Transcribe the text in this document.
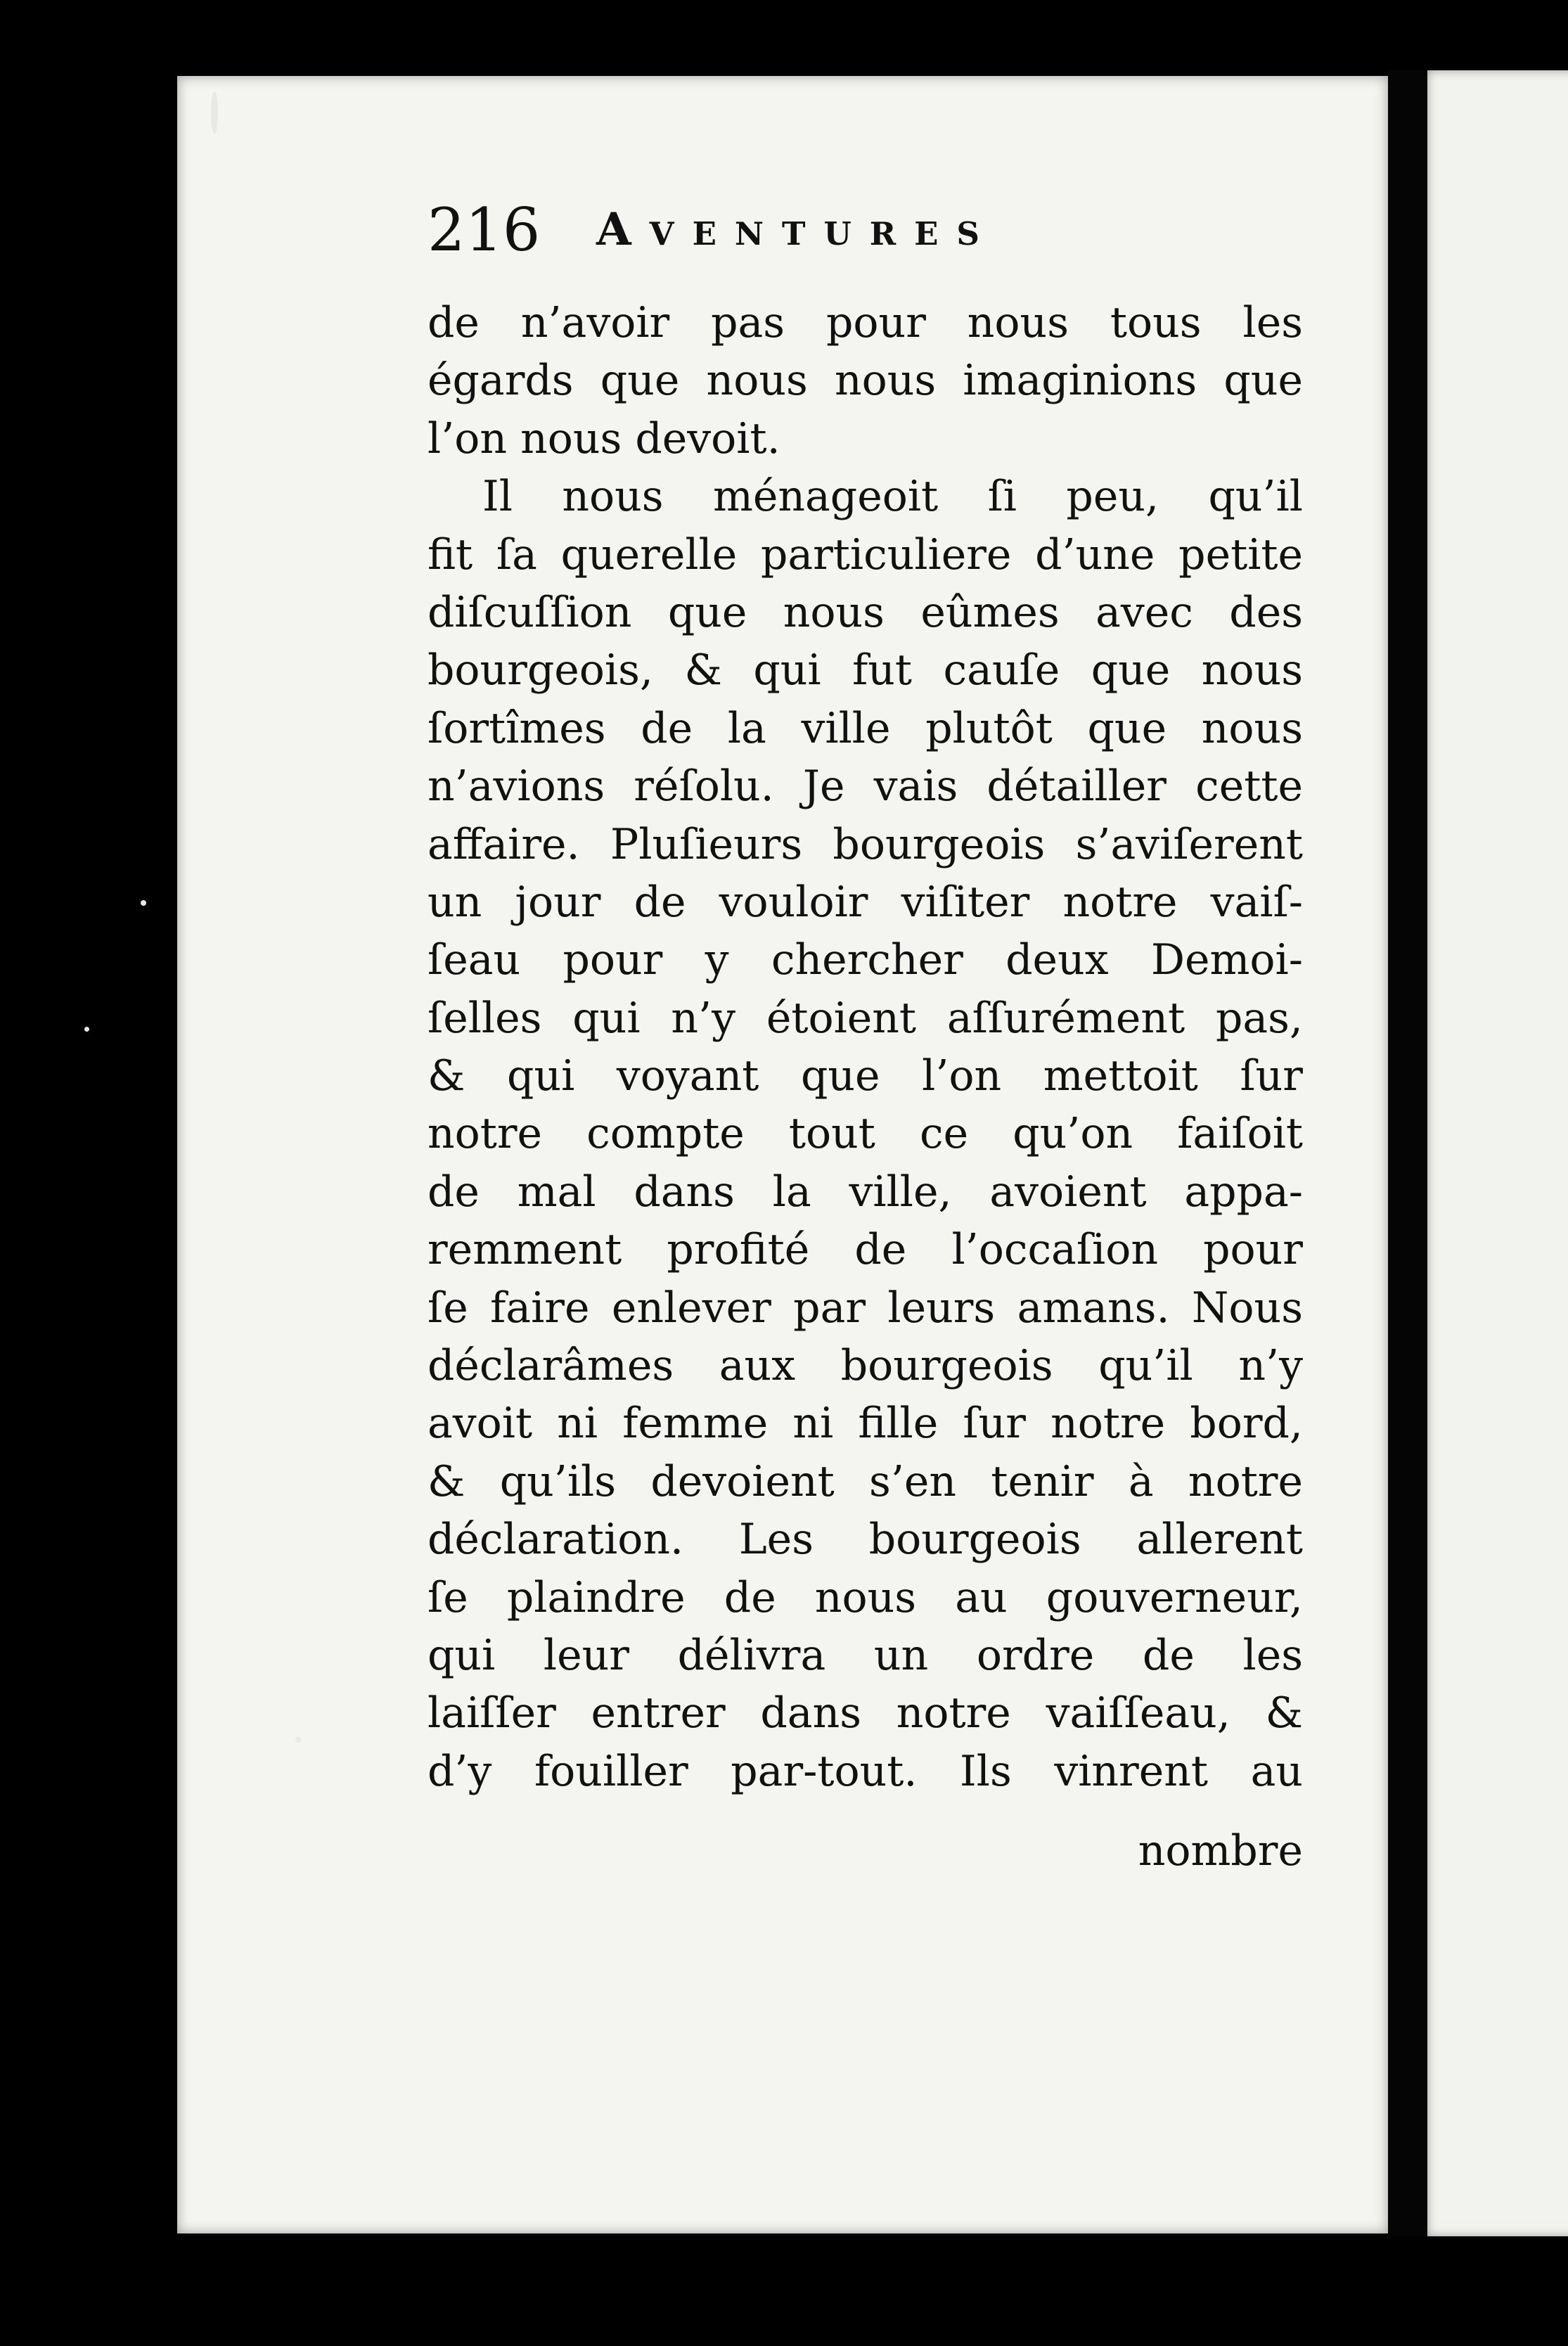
216 Aventures
de n’avoir pas pour nous tous les
égards que nous nous imaginions que
l’on nous devoit.
Il nous ménageoit ſi peu, qu’il
fit ſa querelle particuliere d’une petite
diſcuſſion que nous eûmes avec des
bourgeois, & qui fut cauſe que nous
ſortîmes de la ville plutôt que nous
n’avions réſolu. Je vais détailler cette
affaire. Pluſieurs bourgeois s’aviſerent
un jour de vouloir viſiter notre vaiſ-
ſeau pour y chercher deux Demoi-
ſelles qui n’y étoient aſſurément pas,
& qui voyant que l’on mettoit ſur
notre compte tout ce qu’on faiſoit
de mal dans la ville, avoient appa-
remment profité de l’occaſion pour
ſe faire enlever par leurs amans. Nous
déclarâmes aux bourgeois qu’il n’y
avoit ni femme ni fille ſur notre bord,
& qu’ils devoient s’en tenir à notre
déclaration. Les bourgeois allerent
ſe plaindre de nous au gouverneur,
qui leur délivra un ordre de les
laiſſer entrer dans notre vaiſſeau, &
d’y fouiller par-tout. Ils vinrent au
nombre
